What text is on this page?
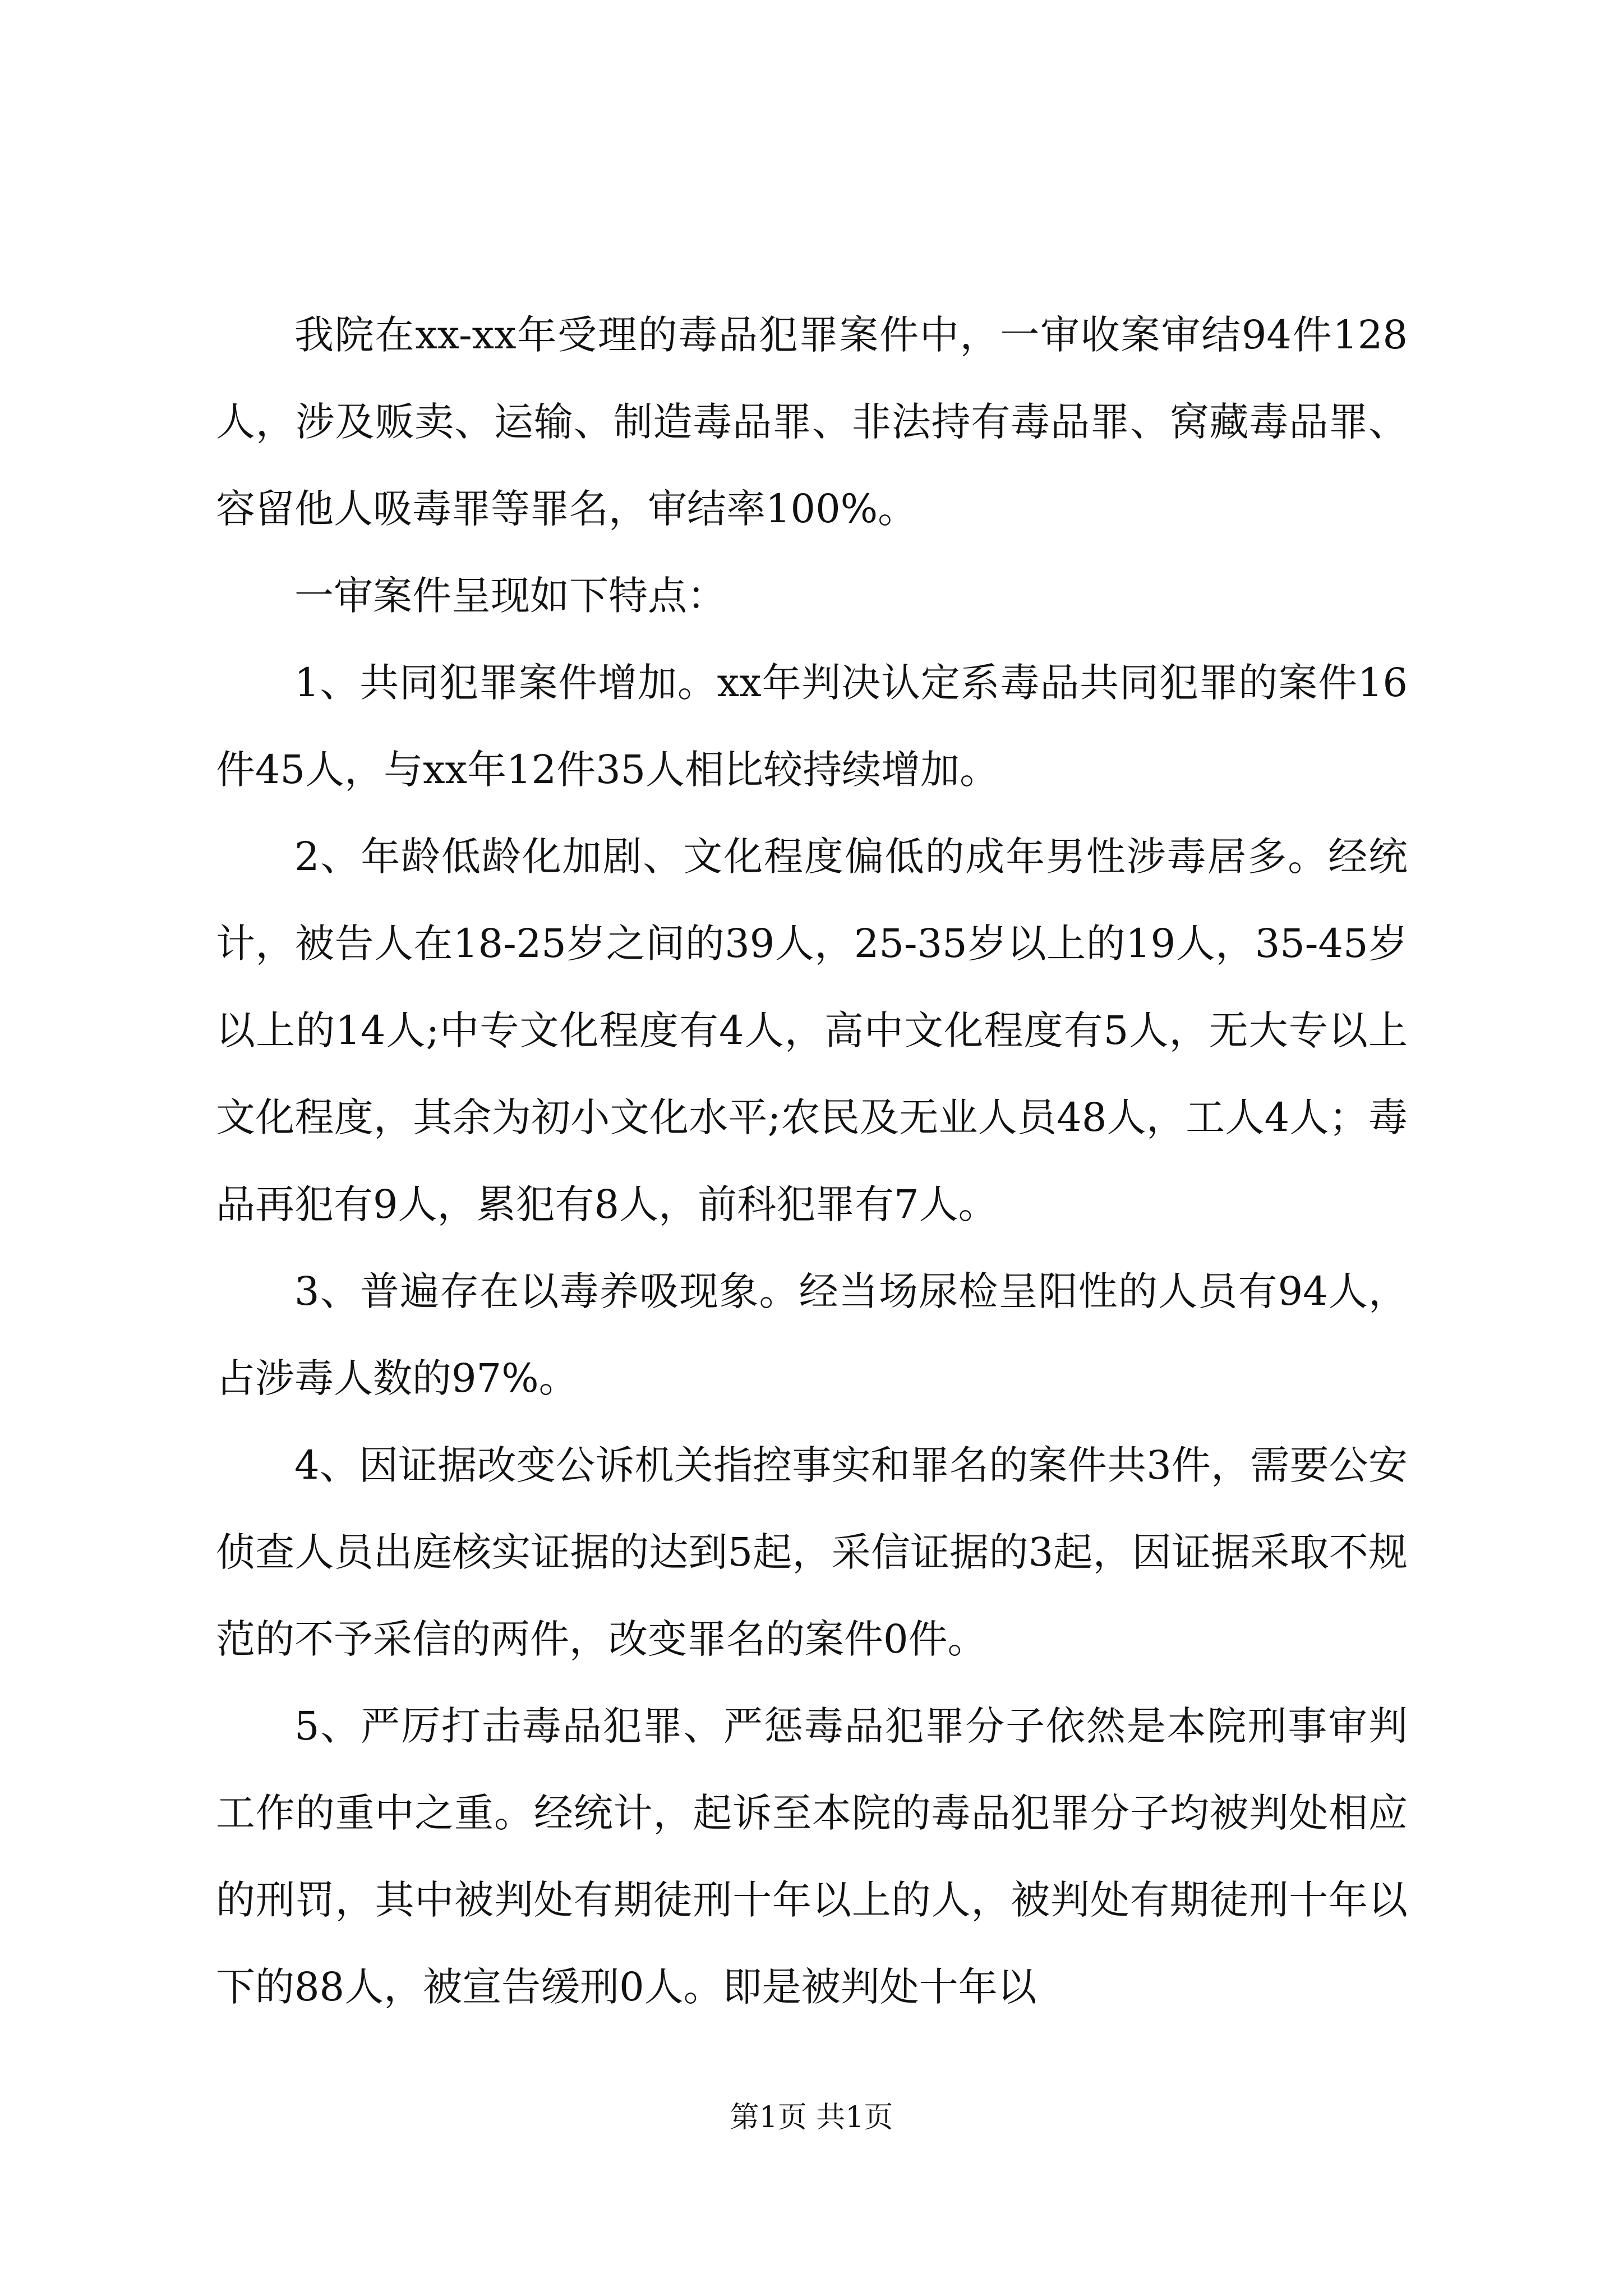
我院在xx-xx年受理的毒品犯罪案件中，一审收案审结94件128人，涉及贩卖、运输、制造毒品罪、非法持有毒品罪、窝藏毒品罪、容留他人吸毒罪等罪名，审结率100%。

一审案件呈现如下特点：

1、共同犯罪案件增加。xx年判决认定系毒品共同犯罪的案件16件45人，与xx年12件35人相比较持续增加。

2、年龄低龄化加剧、文化程度偏低的成年男性涉毒居多。经统计，被告人在18-25岁之间的39人，25-35岁以上的19人，35-45岁以上的14人;中专文化程度有4人，高中文化程度有5人，无大专以上文化程度，其余为初小文化水平;农民及无业人员48人，工人4人；毒品再犯有9人，累犯有8人，前科犯罪有7人。

3、普遍存在以毒养吸现象。经当场尿检呈阳性的人员有94人，占涉毒人数的97%。

4、因证据改变公诉机关指控事实和罪名的案件共3件，需要公安侦查人员出庭核实证据的达到5起，采信证据的3起，因证据采取不规范的不予采信的两件，改变罪名的案件0件。

5、严厉打击毒品犯罪、严惩毒品犯罪分子依然是本院刑事审判工作的重中之重。经统计，起诉至本院的毒品犯罪分子均被判处相应的刑罚，其中被判处有期徒刑十年以上的人，被判处有期徒刑十年以下的88人，被宣告缓刑0人。即是被判处十年以

第1页 共1页
